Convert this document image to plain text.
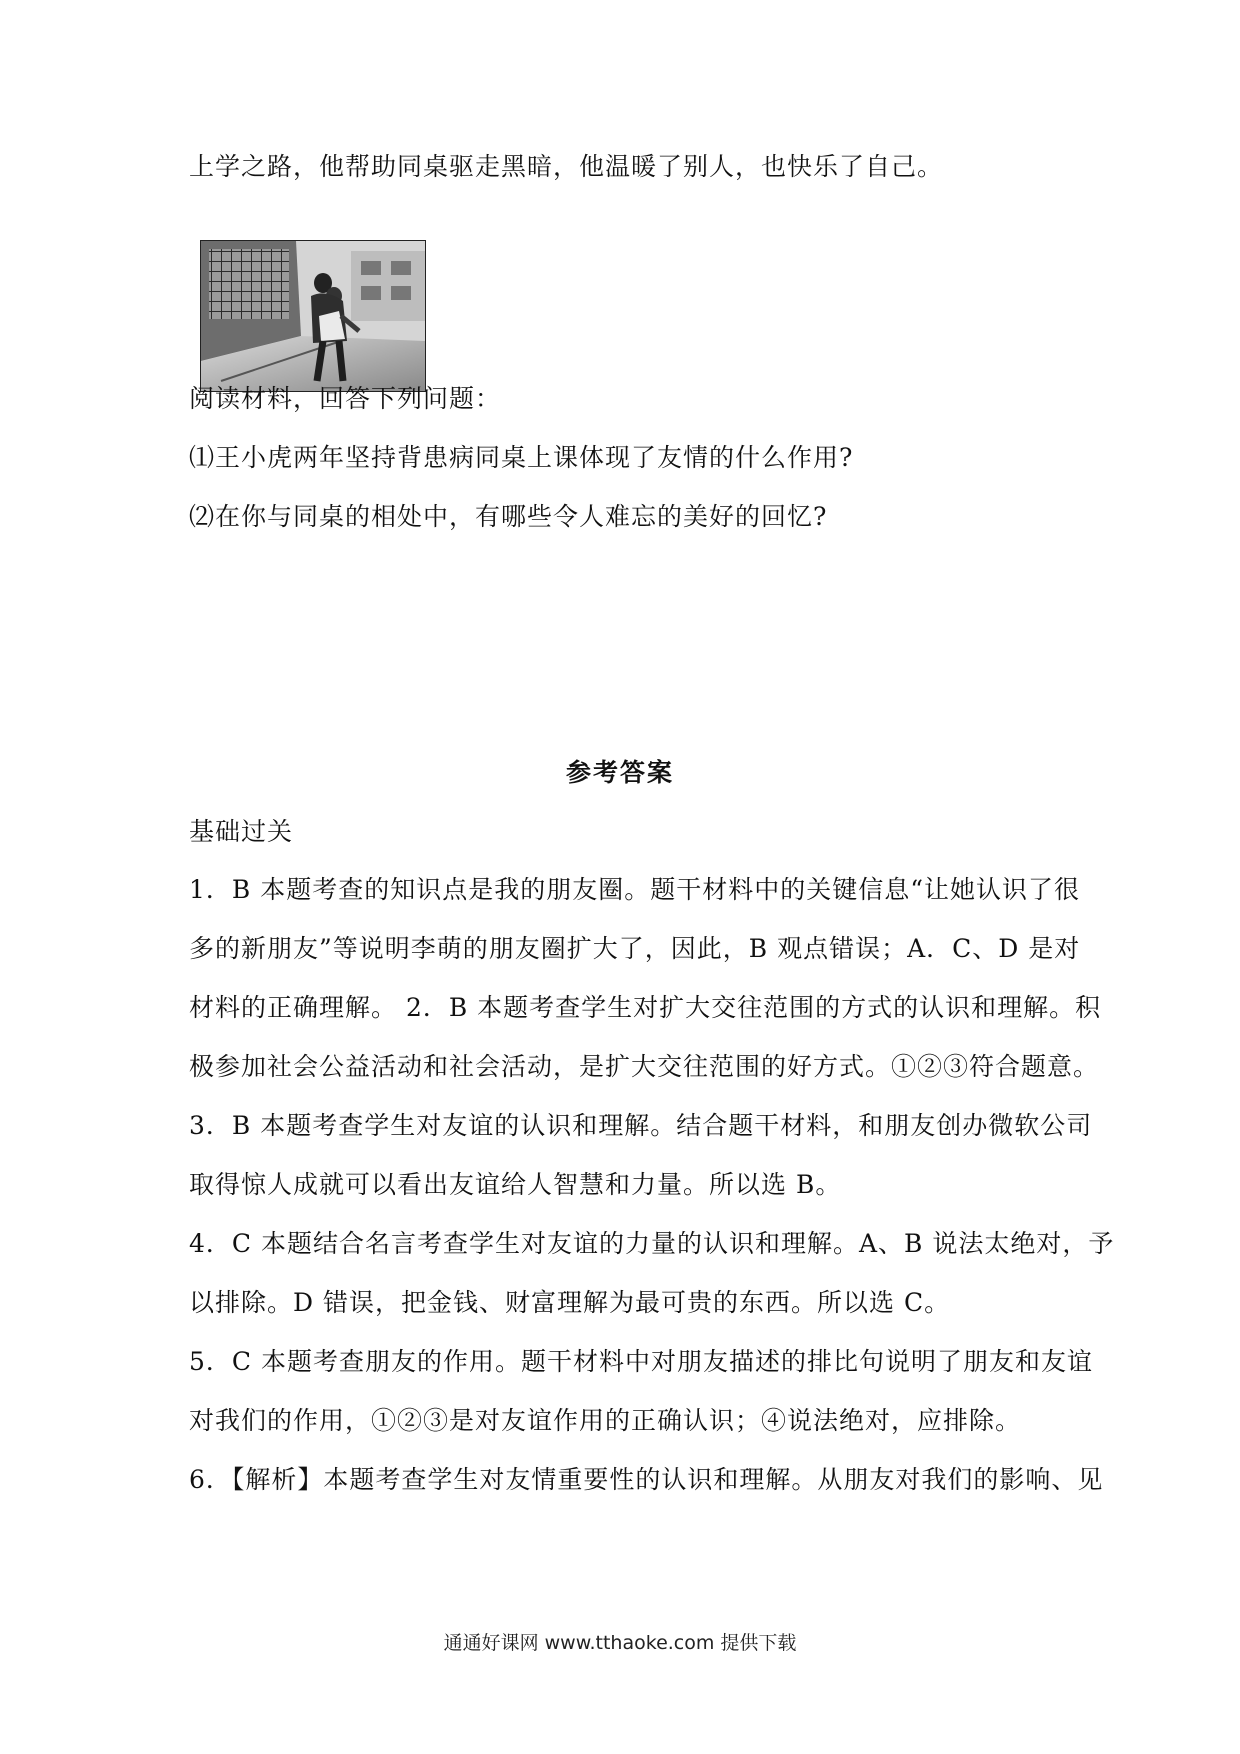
上学之路，他帮助同桌驱走黑暗，他温暖了别人，也快乐了自己。
阅读材料，回答下列问题：
⑴王小虎两年坚持背患病同桌上课体现了友情的什么作用?
⑵在你与同桌的相处中，有哪些令人难忘的美好的回忆?
参考答案
基础过关
1．B 本题考查的知识点是我的朋友圈。题干材料中的关键信息“让她认识了很
多的新朋友”等说明李萌的朋友圈扩大了，因此，B 观点错误；A．C、D 是对
材料的正确理解。 2．B 本题考查学生对扩大交往范围的方式的认识和理解。积
极参加社会公益活动和社会活动，是扩大交往范围的好方式。①②③符合题意。
3．B 本题考查学生对友谊的认识和理解。结合题干材料，和朋友创办微软公司
取得惊人成就可以看出友谊给人智慧和力量。所以选 B。
4．C 本题结合名言考查学生对友谊的力量的认识和理解。A、B 说法太绝对，予
以排除。D 错误，把金钱、财富理解为最可贵的东西。所以选 C。
5．C 本题考查朋友的作用。题干材料中对朋友描述的排比句说明了朋友和友谊
对我们的作用，①②③是对友谊作用的正确认识；④说法绝对，应排除。
6．【解析】本题考查学生对友情重要性的认识和理解。从朋友对我们的影响、见
通通好课网 www.tthaoke.com 提供下载
